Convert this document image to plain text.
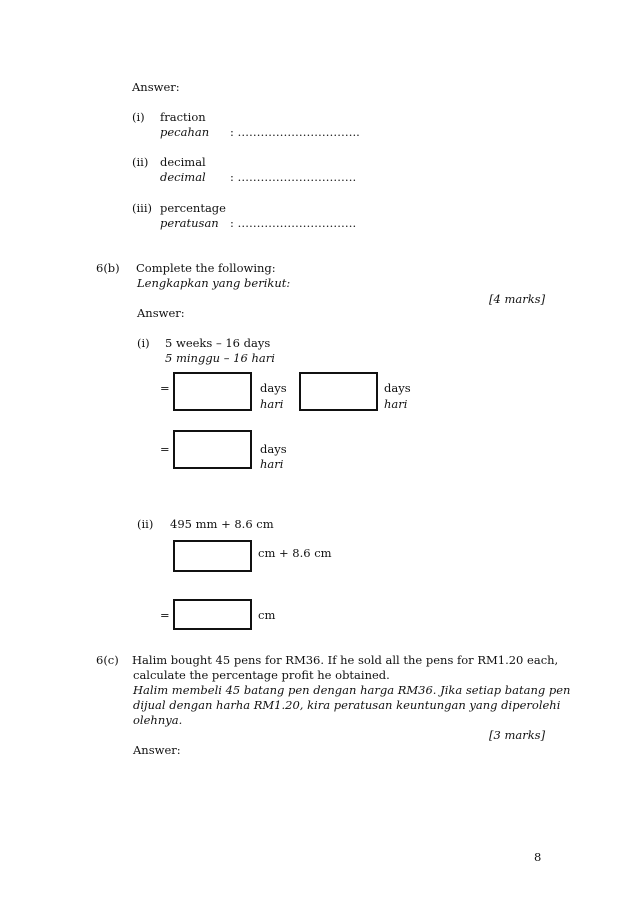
Answer:
(i) fraction
pecahan : …………………………..
(ii) decimal
decimal : ………………………….
(iii) percentage
peratusan : ………………………….
6(b) Complete the following:
Lengkapkan yang berikut:
[4 marks]
Answer:
(i) 5 weeks – 16 days
5 minggu – 16 hari
=	days
hari
days
hari
=	days
hari
(ii) 495 mm + 8.6 cm
cm + 8.6 cm
=	cm
6(c) Halim bought 45 pens for RM36. If he sold all the pens for RM1.20 each,
calculate the percentage profit he obtained.
Halim membeli 45 batang pen dengan harga RM36. Jika setiap batang pen
dijual dengan harha RM1.20, kira peratusan keuntungan yang diperolehi
olehnya.
[3 marks]
Answer:
8
